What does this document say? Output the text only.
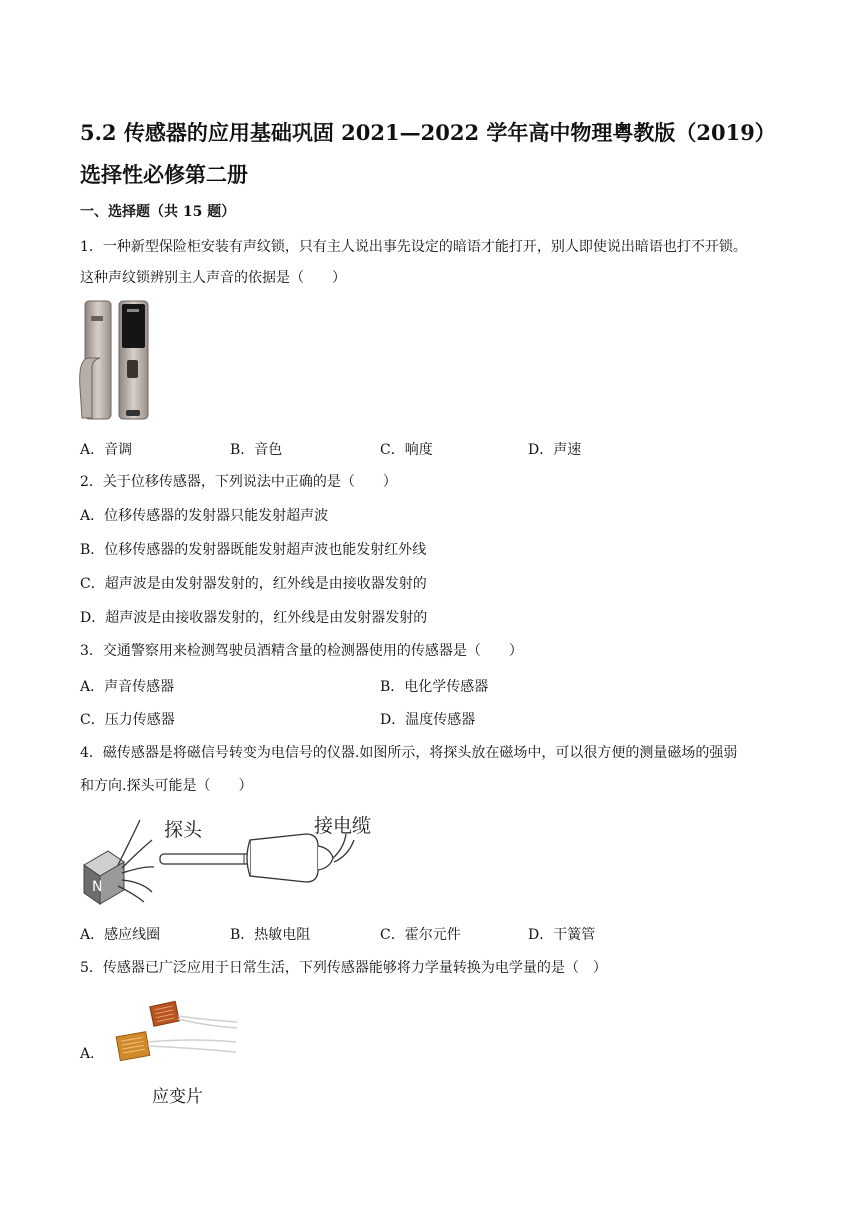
5.2 传感器的应用基础巩固 2021—2022 学年高中物理粤教版（2019）
选择性必修第二册
一、选择题（共 15 题）
1．一种新型保险柜安装有声纹锁，只有主人说出事先设定的暗语才能打开，别人即使说出暗语也打不开锁。
这种声纹锁辨别主人声音的依据是（　　）
A．音调	B．音色	C．响度	D．声速
2．关于位移传感器，下列说法中正确的是（　　）
A．位移传感器的发射器只能发射超声波
B．位移传感器的发射器既能发射超声波也能发射红外线
C．超声波是由发射器发射的，红外线是由接收器发射的
D．超声波是由接收器发射的，红外线是由发射器发射的
3．交通警察用来检测驾驶员酒精含量的检测器使用的传感器是（　　）
A．声音传感器	B．电化学传感器
C．压力传感器	D．温度传感器
4．磁传感器是将磁信号转变为电信号的仪器.如图所示，将探头放在磁场中，可以很方便的测量磁场的强弱
和方向.探头可能是（　　）
N
探头	接电缆
A．感应线圈	B．热敏电阻	C．霍尔元件	D．干簧管
5．传感器已广泛应用于日常生活，下列传感器能够将力学量转换为电学量的是（　）
A．
应变片
